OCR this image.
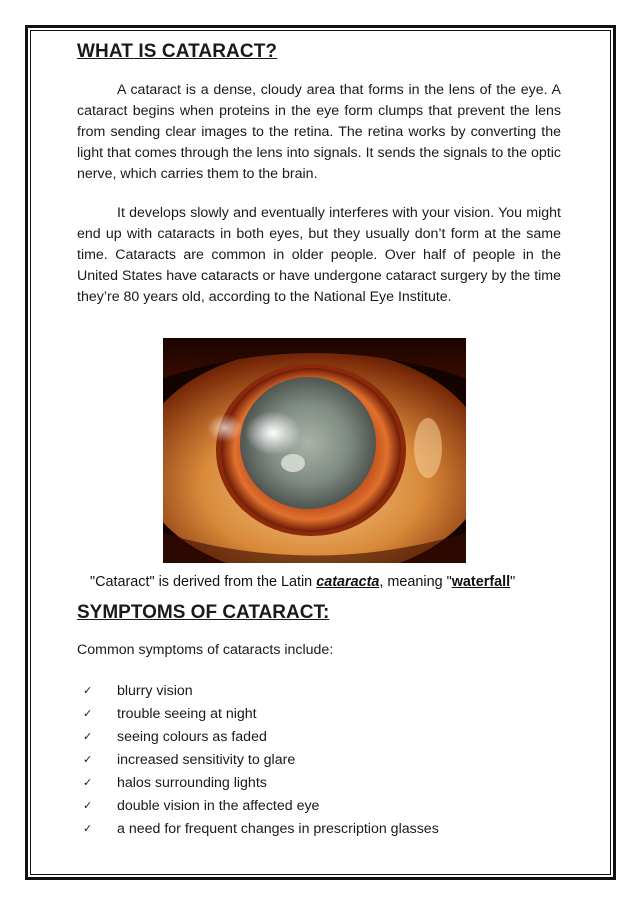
WHAT IS CATARACT?

A cataract is a dense, cloudy area that forms in the lens of the eye. A cataract begins when proteins in the eye form clumps that prevent the lens from sending clear images to the retina. The retina works by converting the light that comes through the lens into signals. It sends the signals to the optic nerve, which carries them to the brain.

It develops slowly and eventually interferes with your vision. You might end up with cataracts in both eyes, but they usually don’t form at the same time. Cataracts are common in older people. Over half of people in the United States have cataracts or have undergone cataract surgery by the time they’re 80 years old, according to the National Eye Institute.

"Cataract" is derived from the Latin cataracta, meaning "waterfall"
SYMPTOMS OF CATARACT:

Common symptoms of cataracts include:

✓ blurry vision
✓ trouble seeing at night
✓ seeing colours as faded
✓ increased sensitivity to glare
✓ halos surrounding lights
✓ double vision in the affected eye
✓ a need for frequent changes in prescription glasses
